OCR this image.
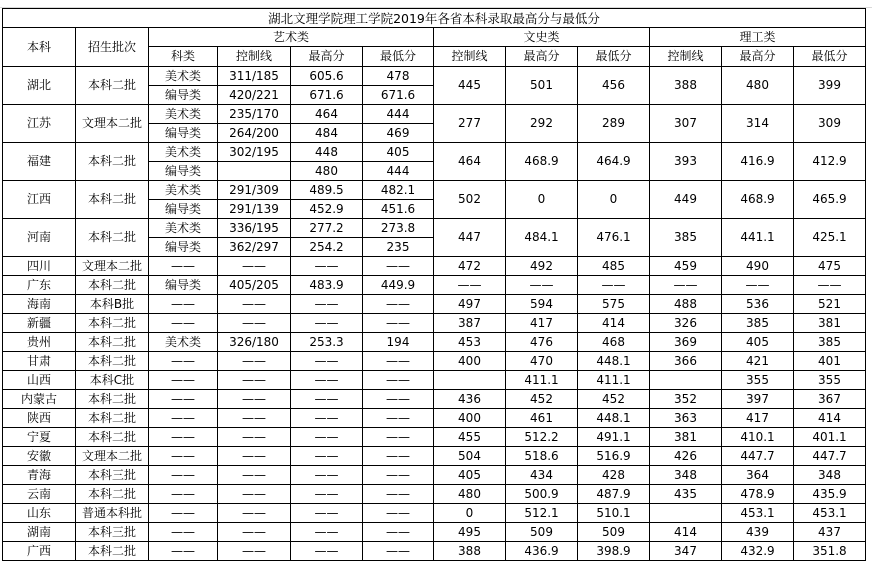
湖北文理学院理工学院2019年各省本科录取最高分与最低分											
本科	招生批次	艺术类				文史类			理工类		
		科类	控制线	最高分	最低分	控制线	最高分	最低分	控制线	最高分	最低分
湖北	本科二批	美术类	311/185	605.6	478	445	501	456	388	480	399
		编导类	420/221	671.6	671.6						
江苏	文理本二批	美术类	235/170	464	444	277	292	289	307	314	309
		编导类	264/200	484	469						
福建	本科二批	美术类	302/195	448	405	464	468.9	464.9	393	416.9	412.9
		编导类		480	444						
江西	本科二批	美术类	291/309	489.5	482.1	502	0	0	449	468.9	465.9
		编导类	291/139	452.9	451.6						
河南	本科二批	美术类	336/195	277.2	273.8	447	484.1	476.1	385	441.1	425.1
		编导类	362/297	254.2	235						
四川	文理本二批	——	——	——	——	472	492	485	459	490	475
广东	本科二批	编导类	405/205	483.9	449.9	——	——	——	——	——	——
海南	本科B批	——	——	——	——	497	594	575	488	536	521
新疆	本科二批	——	——	——	——	387	417	414	326	385	381
贵州	本科二批	美术类	326/180	253.3	194	453	476	468	369	405	385
甘肃	本科二批	——	——	——	——	400	470	448.1	366	421	401
山西	本科C批	——	——	——	——		411.1	411.1		355	355
内蒙古	本科二批	——	——	——	——	436	452	452	352	397	367
陕西	本科二批	——	——	——	——	400	461	448.1	363	417	414
宁夏	本科二批	——	——	——	——	455	512.2	491.1	381	410.1	401.1
安徽	文理本二批	——	——	——	——	504	518.6	516.9	426	447.7	447.7
青海	本科三批	——	——	——	——	405	434	428	348	364	348
云南	本科二批	——	——	——	——	480	500.9	487.9	435	478.9	435.9
山东	普通本科批	——	——	——	——	0	512.1	510.1		453.1	453.1
湖南	本科三批	——	——	——	——	495	509	509	414	439	437
广西	本科二批	——	——	——	——	388	436.9	398.9	347	432.9	351.8
